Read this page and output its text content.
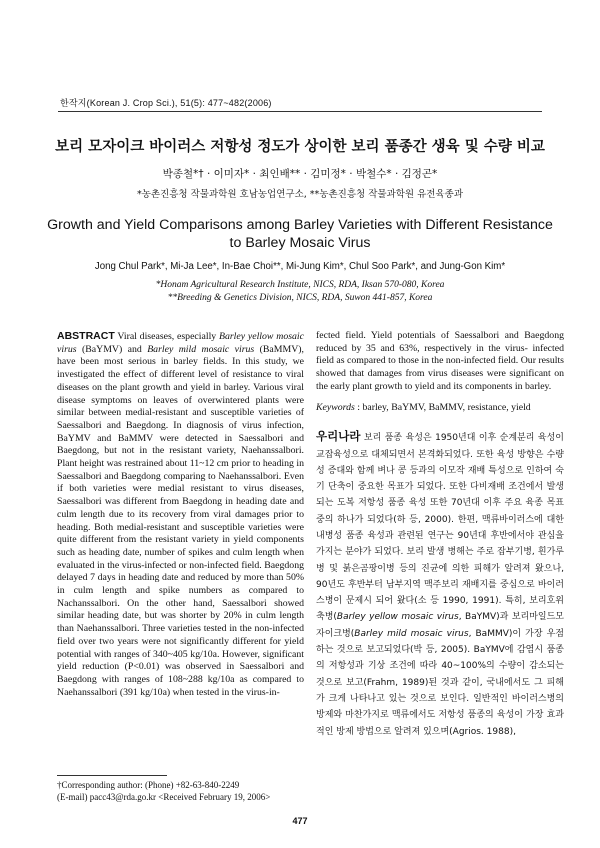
한작지(Korean J. Crop Sci.), 51(5): 477~482(2006)
보리 모자이크 바이러스 저항성 정도가 상이한 보리 품종간 생육 및 수량 비교
박종철*† · 이미자* · 최인배** · 김미정* · 박철수* · 김정곤*
*농촌진흥청 작물과학원 호남농업연구소, **농촌진흥청 작물과학원 유전육종과
Growth and Yield Comparisons among Barley Varieties with Different Resistance
to Barley Mosaic Virus
Jong Chul Park*, Mi-Ja Lee*, In-Bae Choi**, Mi-Jung Kim*, Chul Soo Park*, and Jung-Gon Kim*
*Honam Agricultural Research Institute, NICS, RDA, Iksan 570-080, Korea
**Breeding & Genetics Division, NICS, RDA, Suwon 441-857, Korea
ABSTRACT Viral diseases, especially Barley yellow mosaic virus (BaYMV) and Barley mild mosaic virus (BaMMV), have been most serious in barley fields. In this study, we investigated the effect of different level of resistance to viral diseases on the plant growth and yield in barley. Various viral disease symptoms on leaves of overwintered plants were similar between medial-resistant and susceptible varieties of Saessalbori and Baegdong. In diagnosis of virus infection, BaYMV and BaMMV were detected in Saessalbori and Baegdong, but not in the resistant variety, Naehanssalbori. Plant height was restrained about 11~12 cm prior to heading in Saessalbori and Baegdong comparing to Naehanssalbori. Even if both varieties were medial resistant to virus diseases, Saessalbori was different from Baegdong in heading date and culm length due to its recovery from viral damages prior to heading. Both medial-resistant and susceptible varieties were quite different from the resistant variety in yield components such as heading date, number of spikes and culm length when evaluated in the virus-infected or non-infected field. Baegdong delayed 7 days in heading date and reduced by more than 50% in culm length and spike numbers as compared to Nachanssalbori. On the other hand, Saessalbori showed similar heading date, but was shorter by 20% in culm length than Naehanssalbori. Three varieties tested in the non-infected field over two years were not significantly different for yield potential with ranges of 340~405 kg/10a. However, significant yield reduction (P<0.01) was observed in Saessalbori and Baegdong with ranges of 108~288 kg/10a as compared to Naehanssalbori (391 kg/10a) when tested in the virus-in-
fected field. Yield potentials of Saessalbori and Baegdong reduced by 35 and 63%, respectively in the virus- infected field as compared to those in the non-infected field. Our results showed that damages from virus diseases were significant on the early plant growth to yield and its components in barley.
Keywords : barley, BaYMV, BaMMV, resistance, yield
우리나라 보리 품종 육성은 1950년대 이후 순계분리 육성이 교잡육성으로 대체되면서 본격화되었다. 또한 육성 방향은 수량성 증대와 함께 벼나 콩 등과의 이모작 재배 특성으로 인하여 숙기 단축이 중요한 목표가 되었다. 또한 다비재배 조건에서 발생되는 도복 저항성 품종 육성 또한 70년대 이후 주요 육종 목표중의 하나가 되었다(하 등, 2000). 한편, 맥류바이러스에 대한 내병성 품종 육성과 관련된 연구는 90년대 후반에서야 관심을 가지는 분야가 되었다. 보리 발생 병해는 주로 잡부기병, 흰가루병 및 붉은곰팡이병 등의 진균에 의한 피해가 알려져 왔으나, 90년도 후반부터 남부지역 맥주보리 재배지를 중심으로 바이러스병이 문제시 되어 왔다(소 등 1990, 1991). 특히, 보리호위축병(Barley yellow mosaic virus, BaYMV)과 보리마일드모자이크병(Barley mild mosaic virus, BaMMV)이 가장 우점하는 것으로 보고되었다(박 등, 2005). BaYMV에 감염시 품종의 저항성과 기상 조건에 따라 40~100%의 수량이 감소되는 것으로 보고(Frahm, 1989)된 것과 같이, 국내에서도 그 피해가 크게 나타나고 있는 것으로 보인다. 일반적인 바이러스병의 방제와 마찬가지로 맥류에서도 저항성 품종의 육성이 가장 효과적인 방제 방법으로 알려져 있으며(Agrios. 1988),
†Corresponding author: (Phone) +82-63-840-2249
(E-mail) pacc43@rda.go.kr <Received February 19, 2006>
477
